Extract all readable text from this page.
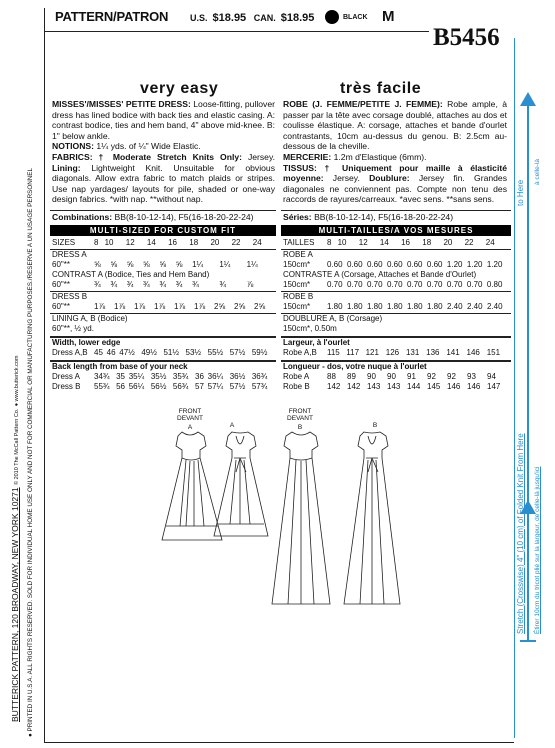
BUTTERICK PATTERN, 120 BROADWAY, NEW YORK 10271 © 2010 The McCall Pattern Co. ● www.butterick.com
● PRINTED IN U.S.A. ALL RIGHTS RESERVED. SOLD FOR INDIVIDUAL HOME USE ONLY AND NOT FOR COMMERCIAL OR MANUFACTURING PURPOSES./RESERVE A UN USAGE PERSONNEL
PATTERN/PATRON U.S. $18.95 CAN. $18.95	BLACK M
B5456
very easy	très facile
MISSES'/MISSES' PETITE DRESS: Loose-fitting, pullover dress has lined bodice with back ties and elastic casing. A: contrast bodice, ties and hem band, 4" above mid-knee. B: 1" below ankle.
NOTIONS: 1¼ yds. of ¼" Wide Elastic.
FABRICS: † Moderate Stretch Knits Only: Jersey. Lining: Lightweight Knit. Unsuitable for obvious diagonals. Allow extra fabric to match plaids or stripes. Use nap yardages/ layouts for pile, shaded or one-way design fabrics. *with nap. **without nap.
ROBE (J. FEMME/PETITE J. FEMME): Robe ample, à passer par la tête avec corsage doublé, attaches au dos et coulisse élastique. A: corsage, attaches et bande d'ourlet contrastants, 10cm au-dessus du genou. B: 2.5cm au-dessous de la cheville.
MERCERIE: 1.2m d'Elastique (6mm).
TISSUS: † Uniquement pour maille à élasticité moyenne: Jersey. Doublure: Jersey fin. Grandes diagonales ne conviennent pas. Compte non tenu des raccords de rayures/carreaux. *avec sens. **sans sens.
Combinations: BB(8-10-12-14), F5(16-18-20-22-24)	Séries: BB(8-10-12-14), F5(16-18-20-22-24)
MULTI-SIZED FOR CUSTOM FIT	MULTI-TAILLES/A VOS MESURES
SIZES	8	10	12	14	16	18	20	22	24
DRESS A									
60"**	⅝	⅝	⅝	⅝	⅝	⅝	1¼	1¼	1¼
CONTRAST A (Bodice, Ties and Hem Band)									
60"**	¾	¾	¾	¾	¾	¾	¾	¾	⅞
DRESS B
60"**	1⅞	1⅞	1⅞	1⅞	1⅞	1⅞	2⅝	2⅝	2⅝
LINING A, B (Bodice)
60"**, ½ yd.
Width, lower edge
Dress A,B	45	46	47½	49½	51½	53½	55½	57½	59½
Back length from base of your neck									
Dress A	34¾	35	35¼	35½	35¾	36	36¼	36½	36¾
Dress B	55¾	56	56¼	56½	56¾	57	57¼	57½	57¾
TAILLES	8	10	12	14	16	18	20	22	24
ROBE A									
150cm*	0.60	0.60	0.60	0.60	0.60	0.60	1.20	1.20	1.20
CONTRASTE A (Corsage, Attaches et Bande d'Ourlet)									
150cm*	0.70	0.70	0.70	0.70	0.70	0.70	0.70	0.70	0.80
ROBE B
150cm*	1.80	1.80	1.80	1.80	1.80	1.80	2.40	2.40	2.40
DOUBLURE A, B (Corsage)
150cm*, 0.50m
Largeur, à l'ourlet
Robe A,B	115	117	121	126	131	136	141	146	151
Longueur - dos, votre nuque à l'ourlet									
Robe A	88	89	90	90	91	92	92	93	94
Robe B	142	142	143	143	144	145	146	146	147
FRONT
DEVANT
A	A
FRONT
DEVANT
B	B
to Here
à celle-là
Stretch (Crosswise) 4" (10 cm) of Folded Knit From Here Étirer 10cm du tricot plié sur la largeur, de celle-là jusqu'ici
